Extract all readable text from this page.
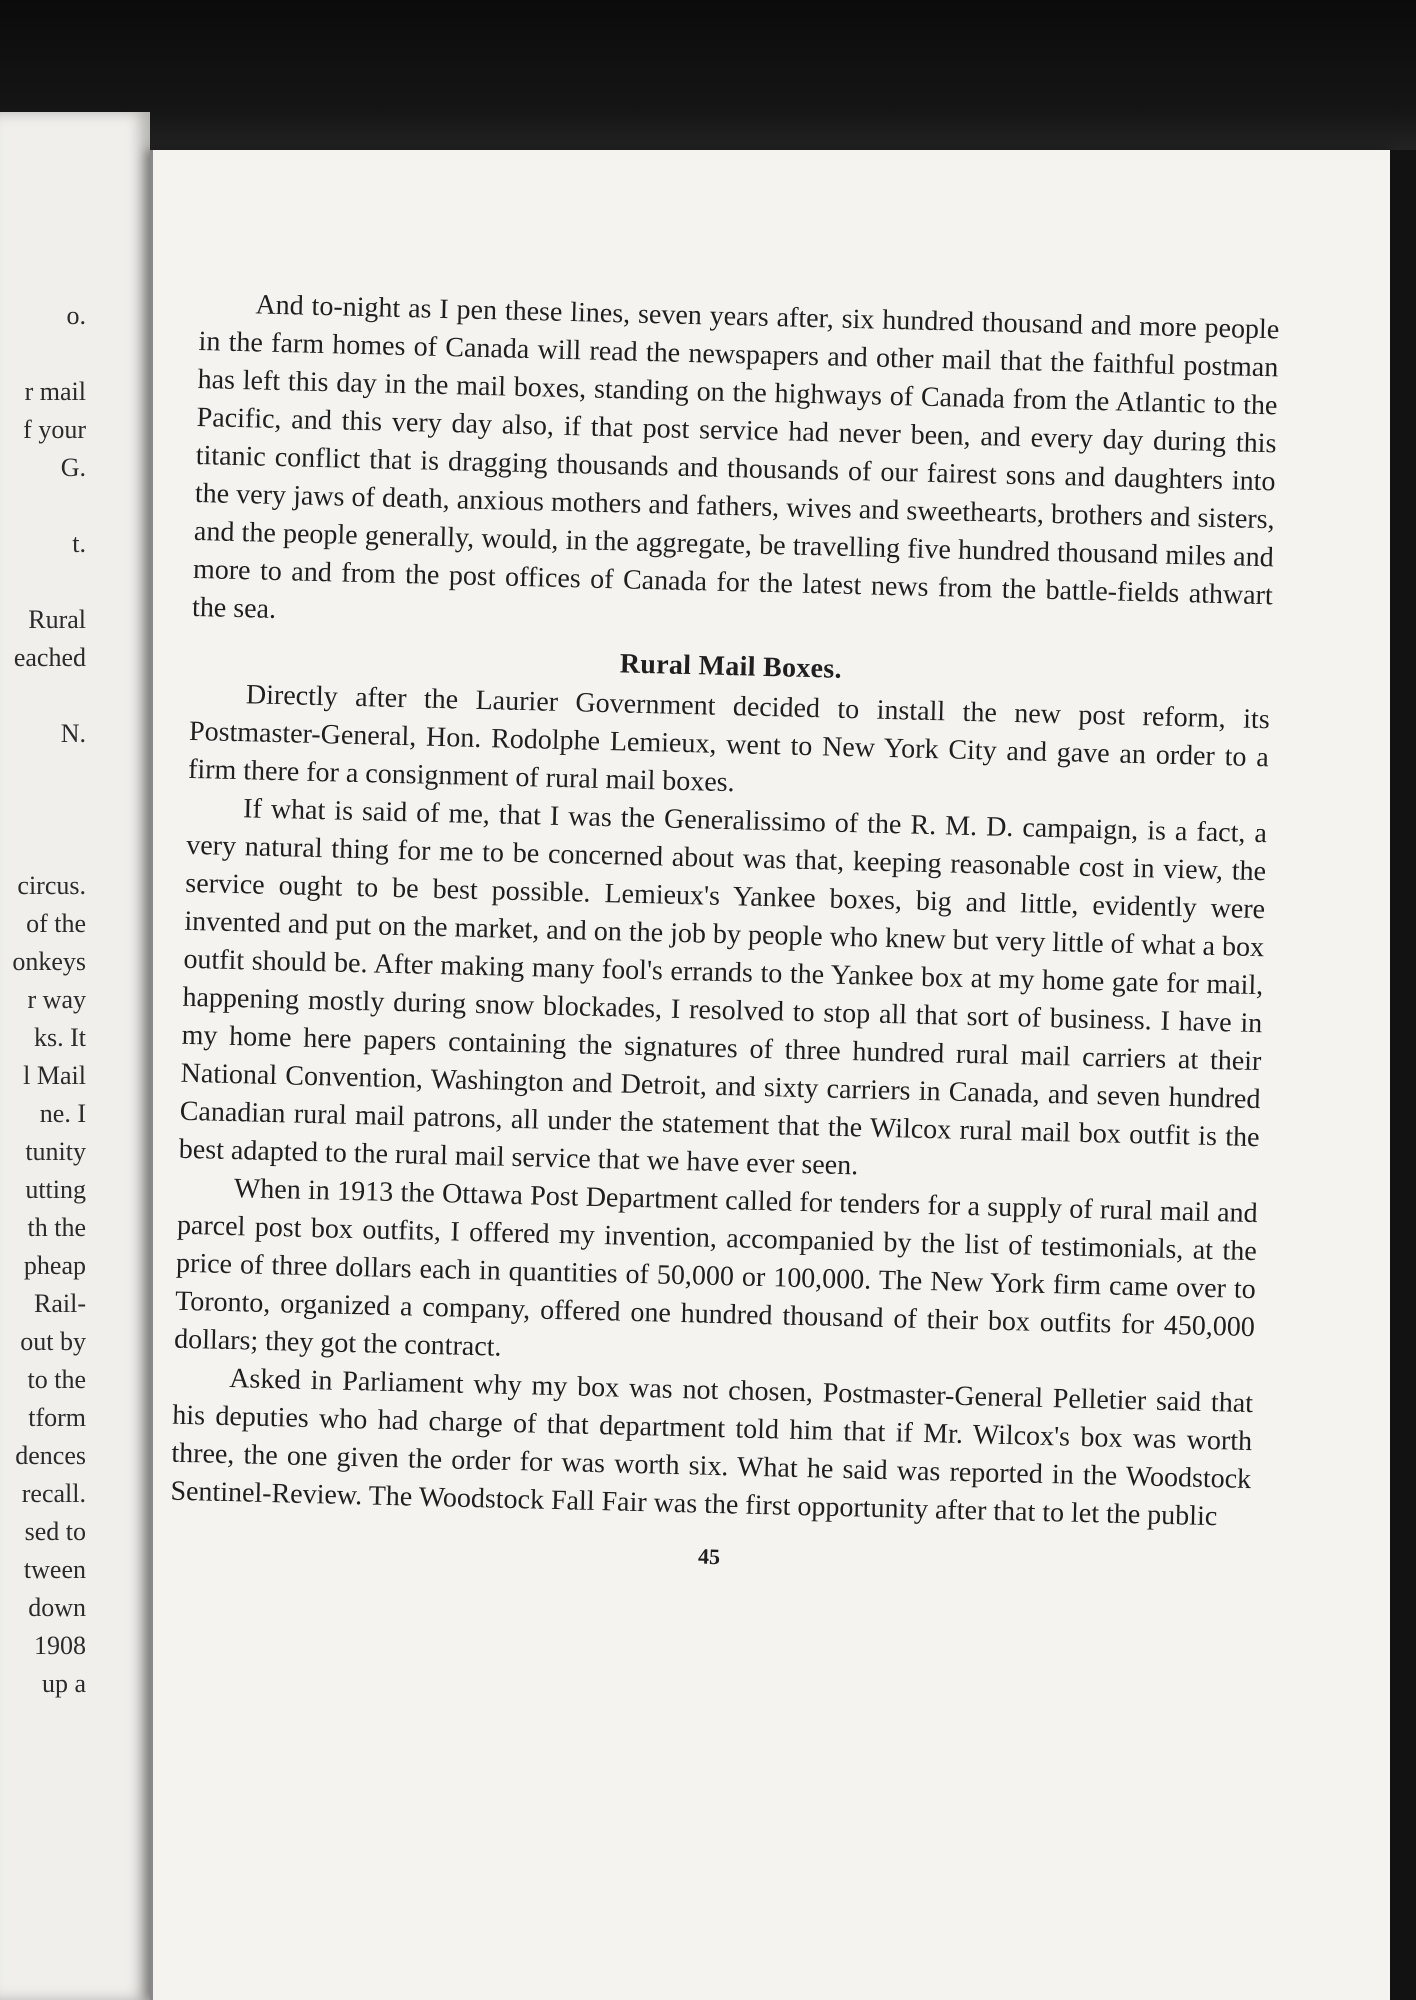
o.
r mail
f your
G.
t.
Rural
eached
N.
circus.
of the
onkeys
r way
ks. It
l Mail
ne. I
tunity
utting
th the
pheap
Rail-
out by
to the
tform
dences
recall.
sed to
tween
down
1908
up a

And to-night as I pen these lines, seven years after, six hundred thousand and more people in the farm homes of Canada will read the newspapers and other mail that the faithful postman has left this day in the mail boxes, standing on the highways of Canada from the Atlantic to the Pacific, and this very day also, if that post service had never been, and every day during this titanic conflict that is dragging thousands and thousands of our fairest sons and daughters into the very jaws of death, anxious mothers and fathers, wives and sweethearts, brothers and sisters, and the people generally, would, in the aggregate, be travelling five hundred thousand miles and more to and from the post offices of Canada for the latest news from the battle-fields athwart the sea.

Rural Mail Boxes.

Directly after the Laurier Government decided to install the new post reform, its Postmaster-General, Hon. Rodolphe Lemieux, went to New York City and gave an order to a firm there for a consignment of rural mail boxes.

If what is said of me, that I was the Generalissimo of the R. M. D. campaign, is a fact, a very natural thing for me to be concerned about was that, keeping reasonable cost in view, the service ought to be best possible. Lemieux's Yankee boxes, big and little, evidently were invented and put on the market, and on the job by people who knew but very little of what a box outfit should be. After making many fool's errands to the Yankee box at my home gate for mail, happening mostly during snow blockades, I resolved to stop all that sort of business. I have in my home here papers containing the signatures of three hundred rural mail carriers at their National Convention, Washington and Detroit, and sixty carriers in Canada, and seven hundred Canadian rural mail patrons, all under the statement that the Wilcox rural mail box outfit is the best adapted to the rural mail service that we have ever seen.

When in 1913 the Ottawa Post Department called for tenders for a supply of rural mail and parcel post box outfits, I offered my invention, accompanied by the list of testimonials, at the price of three dollars each in quantities of 50,000 or 100,000. The New York firm came over to Toronto, organized a company, offered one hundred thousand of their box outfits for 450,000 dollars; they got the contract.

Asked in Parliament why my box was not chosen, Postmaster-General Pelletier said that his deputies who had charge of that department told him that if Mr. Wilcox's box was worth three, the one given the order for was worth six. What he said was reported in the Woodstock Sentinel-Review. The Woodstock Fall Fair was the first opportunity after that to let the public

45
